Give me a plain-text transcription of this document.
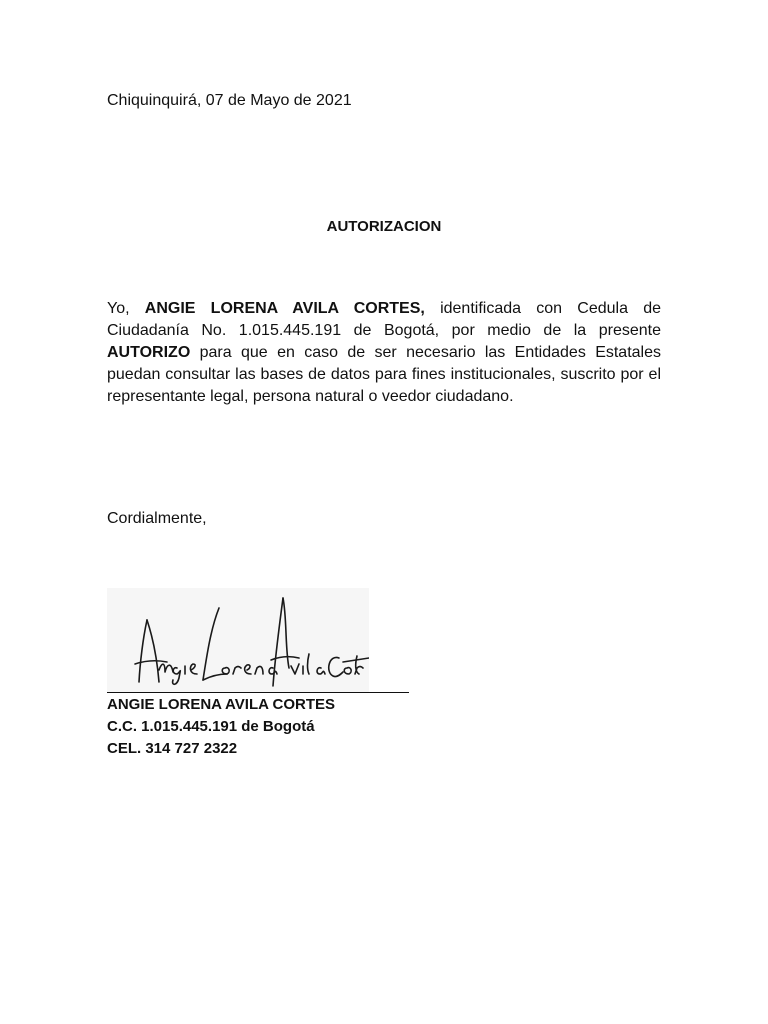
Chiquinquirá, 07 de Mayo de 2021
AUTORIZACION
Yo, ANGIE LORENA AVILA CORTES, identificada con Cedula de Ciudadanía No. 1.015.445.191 de Bogotá, por medio de la presente AUTORIZO para que en caso de ser necesario las Entidades Estatales puedan consultar las bases de datos para fines institucionales, suscrito por el representante legal, persona natural o veedor ciudadano.
Cordialmente,
ANGIE LORENA AVILA CORTES
C.C. 1.015.445.191 de Bogotá
CEL. 314 727 2322
